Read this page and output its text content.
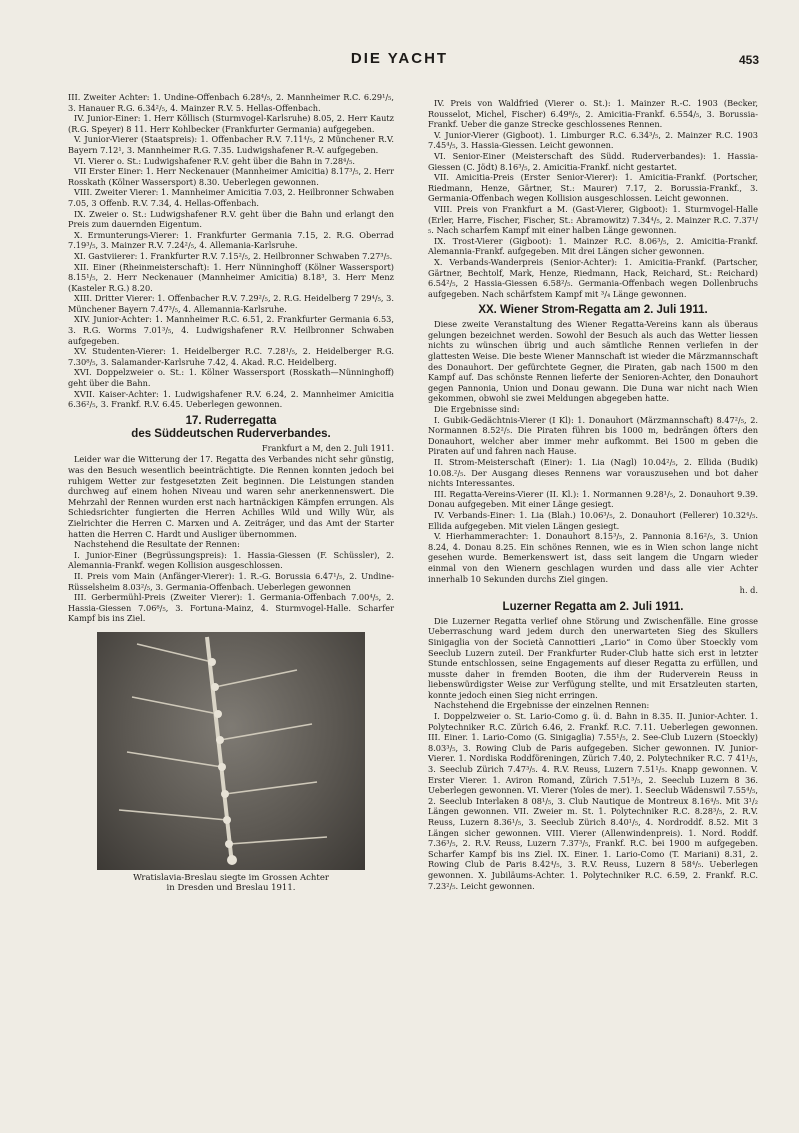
DIE YACHT	453

III. Zweiter Achter: 1. Undine-Offenbach 6.28⁴/₅, 2. Mannheimer R.C. 6.29¹/₅, 3. Hanauer R.G. 6.34²/₅, 4. Mainzer R.V. 5. Hellas-Offenbach.

IV. Junior-Einer: 1. Herr Köllisch (Sturmvogel-Karlsruhe) 8.05, 2. Herr Kautz (R.G. Speyer) 8 11. Herr Kohlbecker (Frankfurter Germania) aufgegeben.

V. Junior-Vierer (Staatspreis): 1. Offenbacher R.V. 7.11⁴/₅, 2 Münchener R.V. Bayern 7.12¹, 3. Mannheimer R.G. 7.35. Ludwigshafener R.-V. aufgegeben.

VI. Vierer o. St.: Ludwigshafener R.V. geht über die Bahn in 7.28⁴/₅.

VII Erster Einer: 1. Herr Neckenauer (Mannheimer Amicitia) 8.17³/₅, 2. Herr Rosskath (Kölner Wassersport) 8.30. Ueberlegen gewonnen.

VIII. Zweiter Vierer: 1. Mannheimer Amicitia 7.03, 2. Heilbronner Schwaben 7.05, 3 Offenb. R.V. 7.34, 4. Hellas-Offenbach.

IX. Zweier o. St.: Ludwigshafener R.V. geht über die Bahn und erlangt den Preis zum dauernden Eigentum.

X. Ermunterungs-Vierer: 1. Frankfurter Germania 7.15, 2. R.G. Oberrad 7.19³/₅, 3. Mainzer R.V. 7.24²/₅, 4. Allemania-Karlsruhe.

XI. Gastviierer: 1. Frankfurter R.V. 7.15²/₅, 2. Heilbronner Schwaben 7.27³/₅.

XII. Einer (Rheinmeisterschaft): 1. Herr Nünninghoff (Kölner Wassersport) 8.15¹/₅, 2. Herr Neckenauer (Mannheimer Amicitia) 8.18³, 3. Herr Menz (Kasteler R.G.) 8.20.

XIII. Dritter Vierer: 1. Offenbacher R.V. 7.29²/₅, 2. R.G. Heidelberg 7 29⁴/₅, 3. Münchener Bayern 7.47³/₅, 4. Allemannia-Karlsruhe.

XIV. Junior-Achter: 1. Mannheimer R.C. 6.51, 2. Frankfurter Germania 6.53, 3. R.G. Worms 7.01³/₅, 4. Ludwigshafener R.V. Heilbronner Schwaben aufgegeben.

XV. Studenten-Vierer: 1. Heidelberger R.C. 7.28¹/₅, 2. Heidelberger R.G. 7.30⁸/₅, 3. Salamander-Karlsruhe 7.42, 4. Akad. R.C. Heidelberg.

XVI. Doppelzweier o. St.: 1. Kölner Wassersport (Rosskath—Nünninghoff) geht über die Bahn.

XVII. Kaiser-Achter: 1. Ludwigshafener R.V. 6.24, 2. Mannheimer Amicitia 6.36²/₅, 3. Frankf. R.V. 6.45. Ueberlegen gewonnen.

17. Ruderregatta
des Süddeutschen Ruderverbandes.
Frankfurt a M, den 2. Juli 1911.

Leider war die Witterung der 17. Regatta des Verbandes nicht sehr günstig, was den Besuch wesentlich beeinträchtigte. Die Rennen konnten jedoch bei ruhigem Wetter zur festgesetzten Zeit beginnen. Die Leistungen standen durchweg auf einem hohen Niveau und waren sehr anerkennenswert. Die Mehrzahl der Rennen wurden erst nach hartnäckigen Kämpfen errungen. Als Schiedsrichter fungierten die Herren Achilles Wild und Willy Wür, als Zielrichter die Herren C. Marxen und A. Zeitráger, und das Amt der Starter hatten die Herren C. Hardt und Ausliger übernommen.

Nachstehend die Resultate der Rennen:

I. Junior-Einer (Begrüssungspreis): 1. Hassia-Giessen (F. Schüssler), 2. Alemannia-Frankf. wegen Kollision ausgeschlossen.

II. Preis vom Main (Anfänger-Vierer): 1. R.-G. Borussia 6.47¹/₅, 2. Undine-Rüsselsheim 8.03²/₅, 3. Germania-Offenbach. Ueberlegen gewonnen

III. Gerbermühl-Preis (Zweiter Vierer): 1. Germania-Offenbach 7.00⁴/₅, 2. Hassia-Giessen 7.06⁸/₅, 3. Fortuna-Mainz, 4. Sturmvogel-Halle. Scharfer Kampf bis ins Ziel.

Wratislavia-Breslau siegte im Grossen Achter
in Dresden und Breslau 1911.

IV. Preis von Waldfried (Vierer o. St.): 1. Mainzer R.-C. 1903 (Becker, Rousselot, Michel, Fischer) 6.49⁸/₅, 2. Amicitia-Frankf. 6.554/₅, 3. Borussia-Frankf. Ueber die ganze Strecke geschlossenes Rennen.

V. Junior-Vierer (Gigboot). 1. Limburger R.C. 6.34³/₅, 2. Mainzer R.C. 1903 7.45⁴/₅, 3. Hassia-Giessen. Leicht gewonnen.

VI. Senior-Einer (Meisterschaft des Südd. Ruderverbandes): 1. Hassia-Giessen (C. Jödt) 8.16³/₅, 2. Amicitia-Frankf. nicht gestartet.

VII. Amicitia-Preis (Erster Senior-Vierer): 1. Amicitia-Frankf. (Portscher, Riedmann, Henze, Gärtner, St.: Maurer) 7.17, 2. Borussia-Frankf., 3. Germania-Offenbach wegen Kollision ausgeschlossen. Leicht gewonnen.

VIII. Preis von Frankfurt a M. (Gast-Vierer, Gigboot): 1. Sturmvogel-Halle (Erler, Harre, Fischer, Fischer, St.: Abramowitz) 7.34⁴/₅, 2. Mainzer R.C. 7.37¹/₅. Nach scharfem Kampf mit einer halben Länge gewonnen.

IX. Trost-Vierer (Gigboot): 1. Mainzer R.C. 8.06³/₅, 2. Amicitia-Frankf. Alemannia-Frankf. aufgegeben. Mit drei Längen sicher gewonnen.

X. Verbands-Wanderpreis (Senior-Achter): 1. Amicitia-Frankf. (Partscher, Gärtner, Bechtolf, Mark, Henze, Riedmann, Hack, Reichard, St.: Reichard) 6.54²/₅, 2 Hassia-Giessen 6.58²/₅. Germania-Offenbach wegen Dollenbruchs aufgegeben. Nach schärfstem Kampf mit ³/₄ Länge gewonnen.

XX. Wiener Strom-Regatta am 2. Juli 1911.

Diese zweite Veranstaltung des Wiener Regatta-Vereins kann als überaus gelungen bezeichnet werden. Sowohl der Besuch als auch das Wetter liessen nichts zu wünschen übrig und auch sämtliche Rennen verliefen in der glattesten Weise. Die beste Wiener Mannschaft ist wieder die Märzmannschaft des Donauhort. Der gefürchtete Gegner, die Piraten, gab nach 1500 m den Kampf auf. Das schönste Rennen lieferte der Senioren-Achter, den Donauhort gegen Pannonia, Union und Donau gewann. Die Duna war nicht nach Wien gekommen, obwohl sie zwei Meldungen abgegeben hatte.

Die Ergebnisse sind:

I. Gubik-Gedächtnis-Vierer (I Kl): 1. Donauhort (Märzmannschaft) 8.47²/₅, 2. Normannen 8.52²/₅. Die Piraten führen bis 1000 m, bedrängen öfters den Donauhort, welcher aber immer mehr aufkommt. Bei 1500 m geben die Piraten auf und fahren nach Hause.

II. Strom-Meisterschaft (Einer): 1. Lia (Nagl) 10.04²/₅, 2. Ellida (Budik) 10.08.²/₅. Der Ausgang dieses Rennens war vorauszusehen und bot daher nichts Interessantes.

III. Regatta-Vereins-Vierer (II. Kl.): 1. Normannen 9.28¹/₅, 2. Donauhort 9.39. Donau aufgegeben. Mit einer Länge gesiegt.

IV. Verbands-Einer: 1. Lia (Blah.) 10.06³/₅, 2. Donauhort (Fellerer) 10.32⁴/₅. Ellida aufgegeben. Mit vielen Längen gesiegt.

V. Hierhammerachter: 1. Donauhort 8.15³/₅, 2. Pannonia 8.16²/₅, 3. Union 8.24, 4. Donau 8.25. Ein schönes Rennen, wie es in Wien schon lange nicht gesehen wurde. Bemerkenswert ist, dass seit langem die Ungarn wieder einmal von den Wienern geschlagen wurden und dass alle vier Achter innerhalb 10 Sekunden durchs Ziel gingen.

h. d.
Luzerner Regatta am 2. Juli 1911.

Die Luzerner Regatta verlief ohne Störung und Zwischenfälle. Eine grosse Ueberraschung ward jedem durch den unerwarteten Sieg des Skullers Sinigaglia von der Società Cannottieri „Lario“ in Como über Stoeckly vom Seeclub Luzern zuteil. Der Frankfurter Ruder-Club hatte sich erst in letzter Stunde entschlossen, seine Engagements auf dieser Regatta zu erfüllen, und musste daher in fremden Booten, die ihm der Ruderverein Reuss in liebenswürdigster Weise zur Verfügung stellte, und mit Ersatzleuten starten, konnte jedoch einen Sieg nicht erringen.

Nachstehend die Ergebnisse der einzelnen Rennen:

I. Doppelzweier o. St. Lario-Como g. ü. d. Bahn in 8.35. II. Junior-Achter. 1. Polytechniker R.C. Zürich 6.46, 2. Frankf. R.C. 7.11. Ueberlegen gewonnen. III. Einer. 1. Lario-Como (G. Sinigaglia) 7.55¹/₅, 2. See-Club Luzern (Stoeckly) 8.03³/₅, 3. Rowing Club de Paris aufgegeben. Sicher gewonnen. IV. Junior-Vierer. 1. Nordiska Roddföreningen, Zürich 7.40, 2. Polytechniker R.C. 7 41¹/₅, 3. Seeclub Zürich 7.47³/₅. 4. R.V. Reuss, Luzern 7.51¹/₅. Knapp gewonnen. V. Erster Vierer. 1. Aviron Romand, Zürich 7.51³/₅, 2. Seeclub Luzern 8 36. Ueberlegen gewonnen. VI. Vierer (Yoles de mer). 1. Seeclub Wädenswil 7.55⁴/₅, 2. Seeclub Interlaken 8 08¹/₅, 3. Club Nautique de Montreux 8.16⁴/₅. Mit 3¹/₂ Längen gewonnen. VII. Zweier m. St. 1. Polytechniker R.C. 8.28³/₅, 2. R.V. Reuss, Luzern 8.36¹/₅, 3. Seeclub Zürich 8.40¹/₅, 4. Nordroddf. 8.52. Mit 3 Längen sicher gewonnen. VIII. Vierer (Allenwindenpreis). 1. Nord. Roddf. 7.36³/₅, 2. R.V. Reuss, Luzern 7.37³/₅, Frankf. R.C. bei 1900 m aufgegeben. Scharfer Kampf bis ins Ziel. IX. Einer. 1. Lario-Como (T. Mariani) 8.31, 2. Rowing Club de Paris 8.42⁴/₅, 3. R.V. Reuss, Luzern 8 58⁴/₅. Ueberlegen gewonnen. X. Jubiläums-Achter. 1. Polytechniker R.C. 6.59, 2. Frankf. R.C. 7.23²/₅. Leicht gewonnen.
